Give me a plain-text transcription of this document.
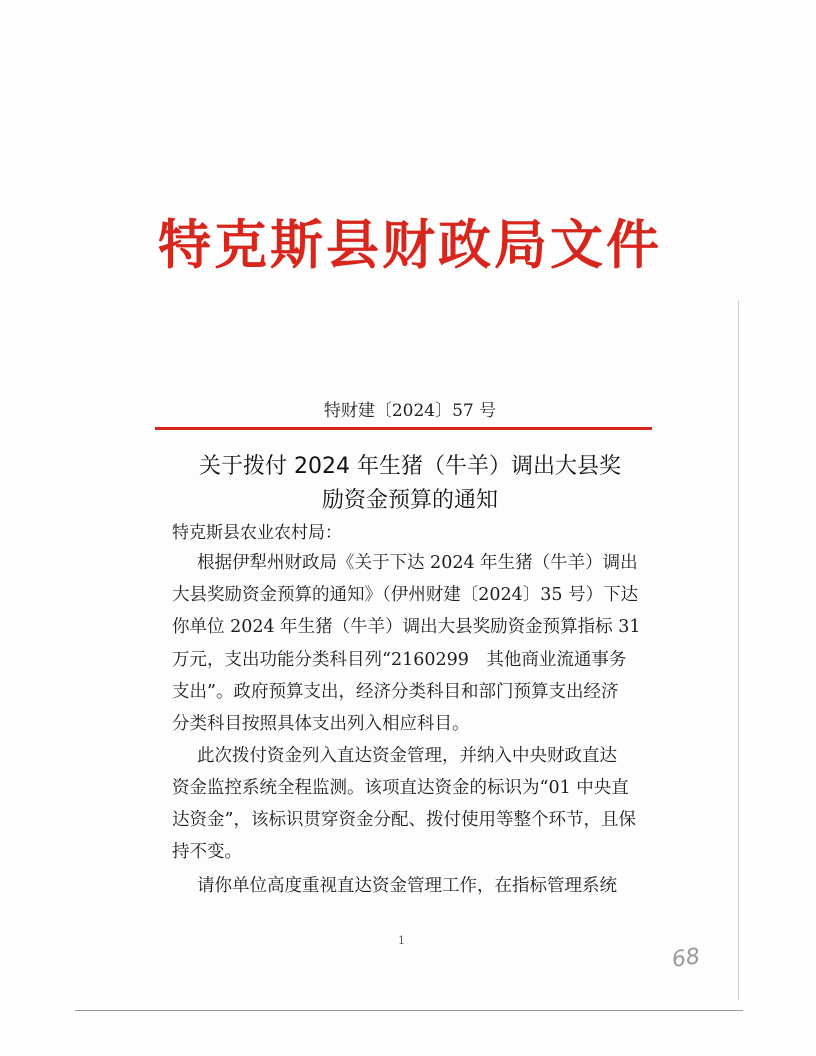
特克斯县财政局文件
特财建〔2024〕57 号
关于拨付 2024 年生猪（牛羊）调出大县奖
励资金预算的通知
特克斯县农业农村局：
根据伊犁州财政局《关于下达 2024 年生猪（牛羊）调出
大县奖励资金预算的通知》（伊州财建〔2024〕35 号）下达
你单位 2024 年生猪（牛羊）调出大县奖励资金预算指标 31
万元，支出功能分类科目列“2160299　其他商业流通事务
支出”。政府预算支出，经济分类科目和部门预算支出经济
分类科目按照具体支出列入相应科目。
此次拨付资金列入直达资金管理，并纳入中央财政直达
资金监控系统全程监测。该项直达资金的标识为“01 中央直
达资金”，该标识贯穿资金分配、拨付使用等整个环节，且保
持不变。
请你单位高度重视直达资金管理工作，在指标管理系统
1
68
